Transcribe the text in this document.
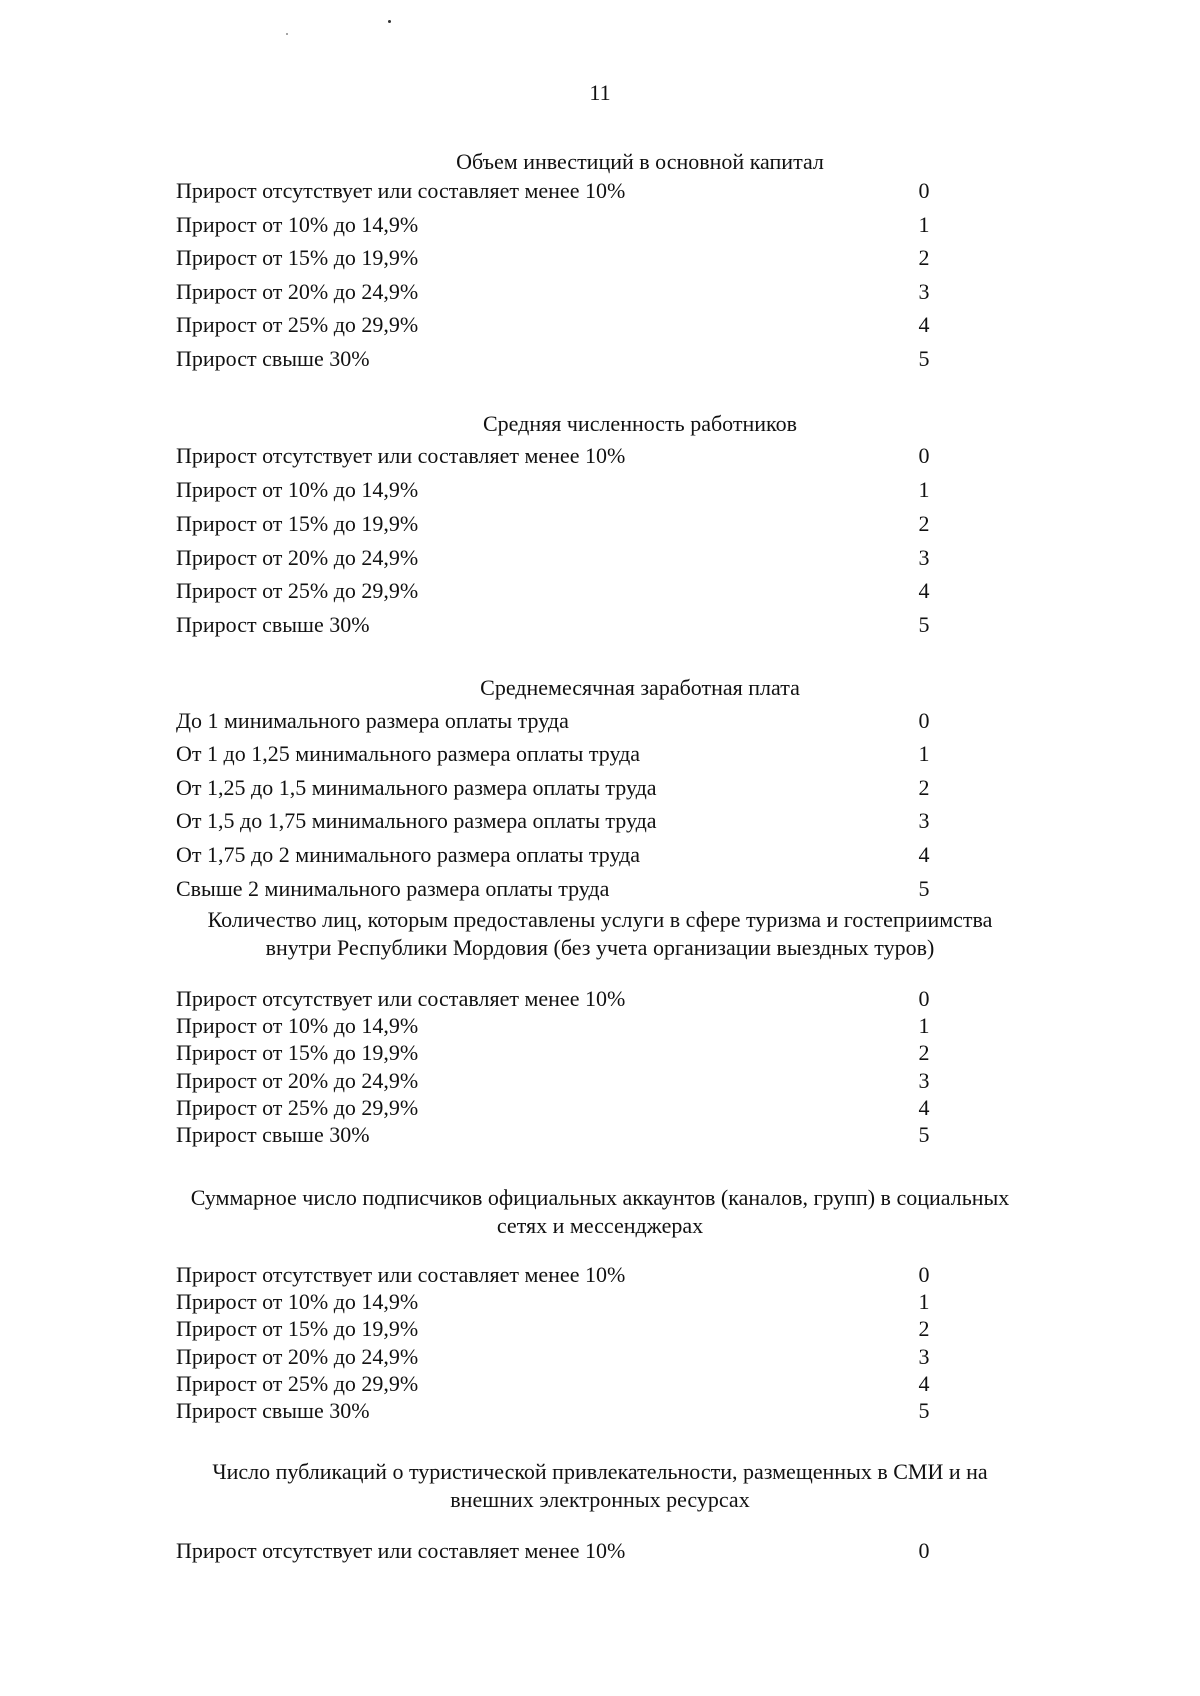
11
Объем инвестиций в основной капитал
Прирост отсутствует или составляет менее 10%	0
Прирост от 10% до 14,9%	1
Прирост от 15% до 19,9%	2
Прирост от 20% до 24,9%	3
Прирост от 25% до 29,9%	4
Прирост свыше 30%	5
Средняя численность работников
Прирост отсутствует или составляет менее 10%	0
Прирост от 10% до 14,9%	1
Прирост от 15% до 19,9%	2
Прирост от 20% до 24,9%	3
Прирост от 25% до 29,9%	4
Прирост свыше 30%	5
Среднемесячная заработная плата
До 1 минимального размера оплаты труда	0
От 1 до 1,25 минимального размера оплаты труда	1
От 1,25 до 1,5 минимального размера оплаты труда	2
От 1,5 до 1,75 минимального размера оплаты труда	3
От 1,75 до 2 минимального размера оплаты труда	4
Свыше 2 минимального размера оплаты труда	5
Количество лиц, которым предоставлены услуги в сфере туризма и гостеприимства
внутри Республики Мордовия (без учета организации выездных туров)
Прирост отсутствует или составляет менее 10%	0
Прирост от 10% до 14,9%	1
Прирост от 15% до 19,9%	2
Прирост от 20% до 24,9%	3
Прирост от 25% до 29,9%	4
Прирост свыше 30%	5
Суммарное число подписчиков официальных аккаунтов (каналов, групп) в социальных
сетях и мессенджерах
Прирост отсутствует или составляет менее 10%	0
Прирост от 10% до 14,9%	1
Прирост от 15% до 19,9%	2
Прирост от 20% до 24,9%	3
Прирост от 25% до 29,9%	4
Прирост свыше 30%	5
Число публикаций о туристической привлекательности, размещенных в СМИ и на
внешних электронных ресурсах
Прирост отсутствует или составляет менее 10%	0
